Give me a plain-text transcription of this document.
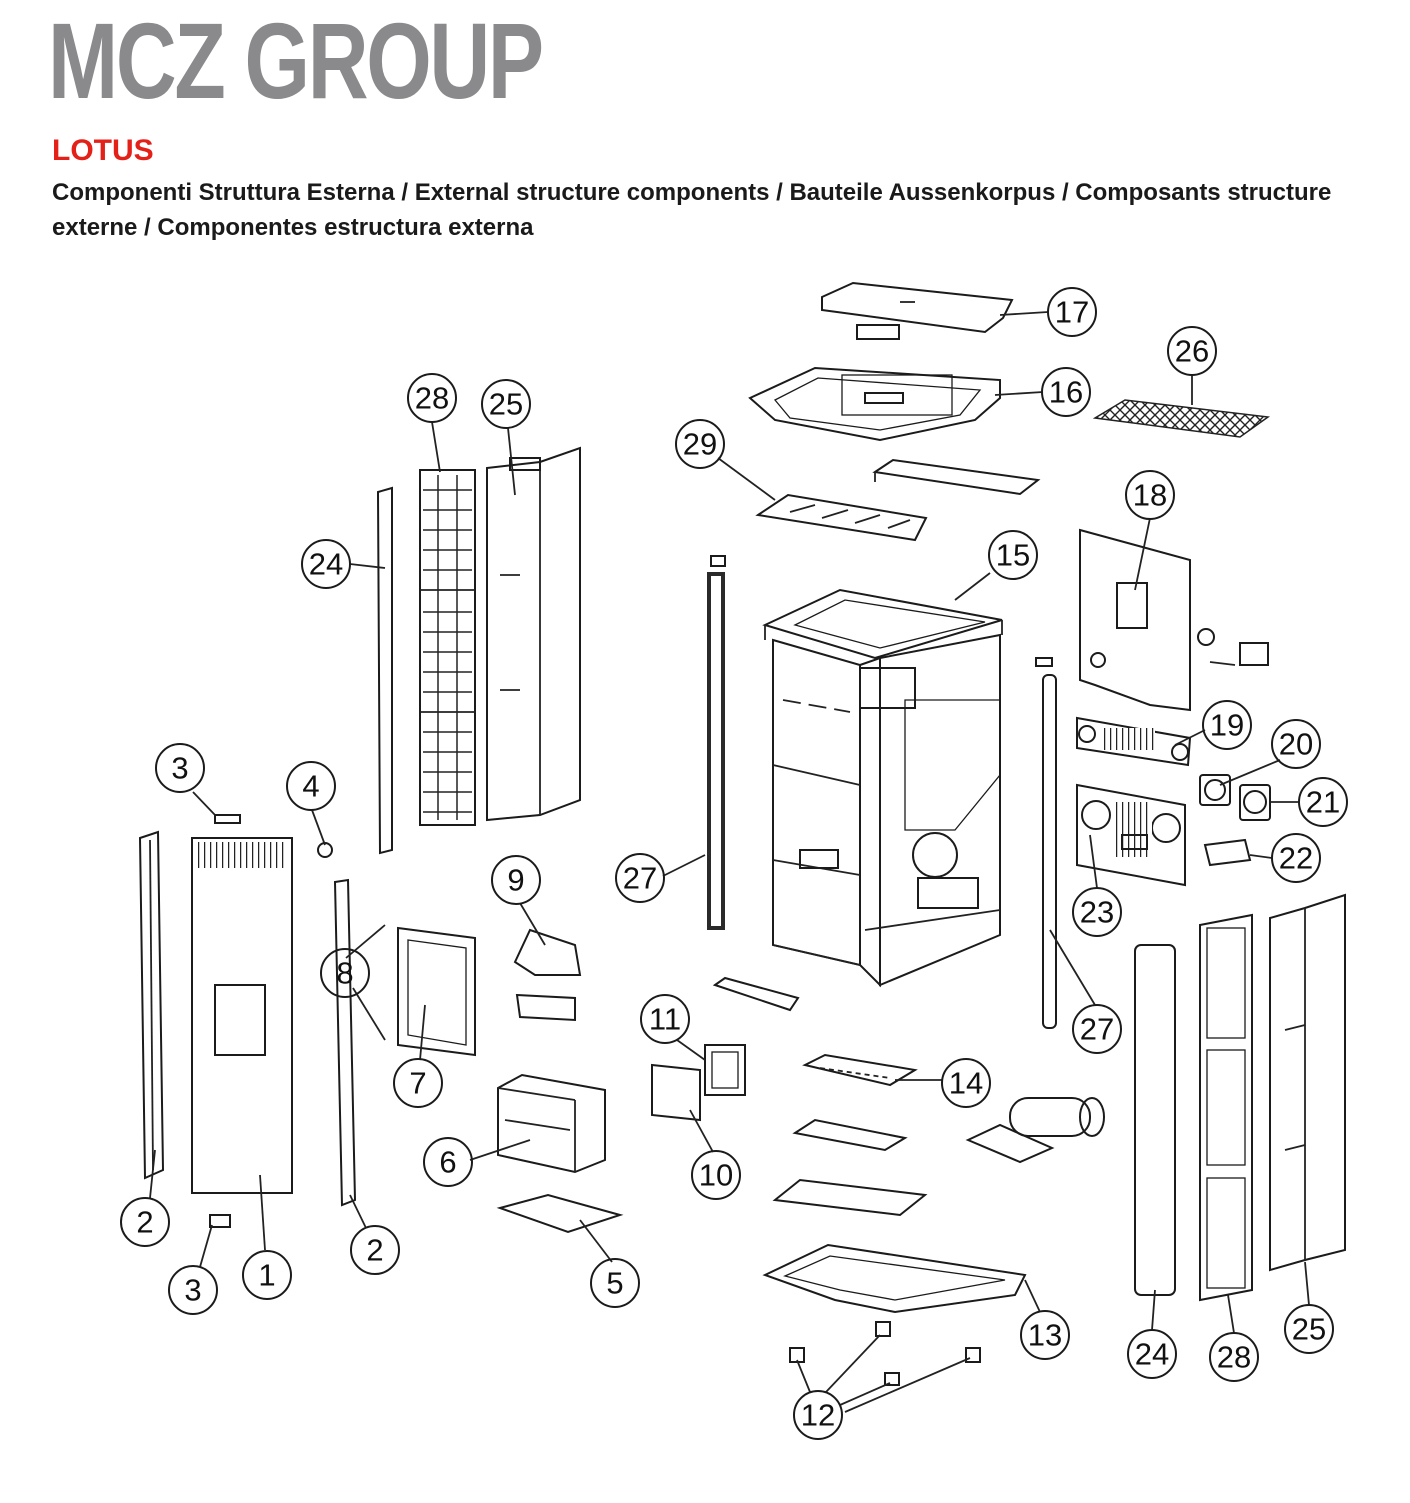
MCZ GROUP
LOTUS
Componenti Struttura Esterna / External structure components / Bauteile Aussenkorpus / Composants structure externe / Componentes estructura externa
17
16
26
29
15
18
19
20
21
22
23
28 25
24
27
27
3
4
2
2
3 1
8
7
9
6
5
11
10
14
13
12
24 28
25
